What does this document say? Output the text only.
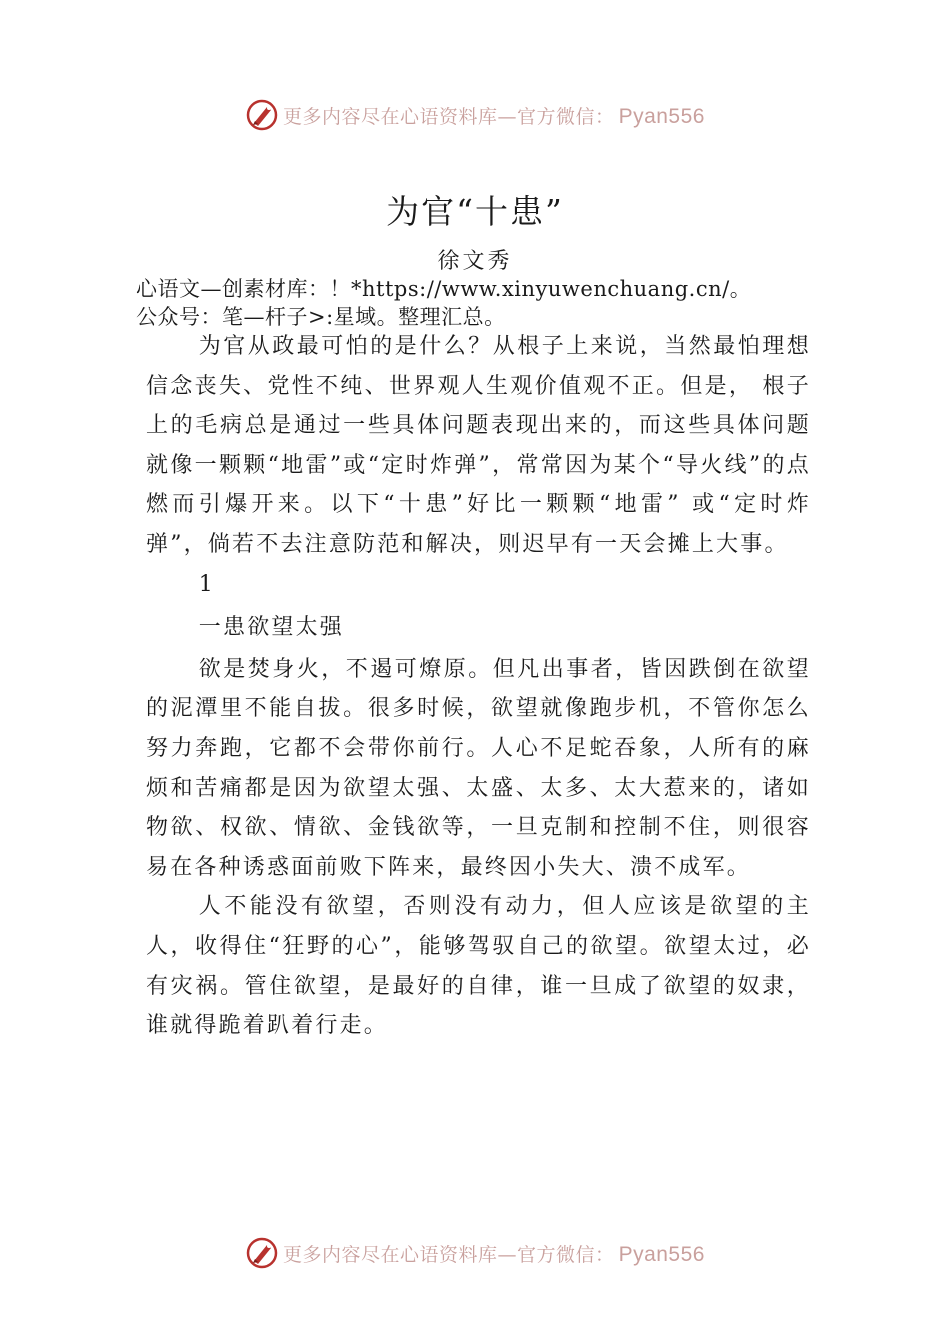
更多内容尽在心语资料库—官方微信： Pyan556
为官“十患”
徐文秀
心语文—创素材库：！*https://www.xinyuwenchuang.cn/。
公众号：笔—杆子>:星域。整理汇总。

为官从政最可怕的是什么？从根子上来说，当然最怕理想信念丧失、党性不纯、世界观人生观价值观不正。但是， 根子上的毛病总是通过一些具体问题表现出来的，而这些具体问题就像一颗颗“地雷”或“定时炸弹”，常常因为某个“导火线”的点燃而引爆开来。以下“十患”好比一颗颗“地雷” 或“定时炸弹”，倘若不去注意防范和解决，则迟早有一天会摊上大事。

1

一患欲望太强

欲是焚身火，不遏可燎原。但凡出事者，皆因跌倒在欲望的泥潭里不能自拔。很多时候，欲望就像跑步机，不管你怎么努力奔跑，它都不会带你前行。人心不足蛇吞象，人所有的麻烦和苦痛都是因为欲望太强、太盛、太多、太大惹来的，诸如物欲、权欲、情欲、金钱欲等，一旦克制和控制不住，则很容易在各种诱惑面前败下阵来，最终因小失大、溃不成军。

人不能没有欲望，否则没有动力，但人应该是欲望的主人，收得住“狂野的心”，能够驾驭自己的欲望。欲望太过，必有灾祸。管住欲望，是最好的自律，谁一旦成了欲望的奴隶，谁就得跪着趴着行走。

更多内容尽在心语资料库—官方微信： Pyan556
